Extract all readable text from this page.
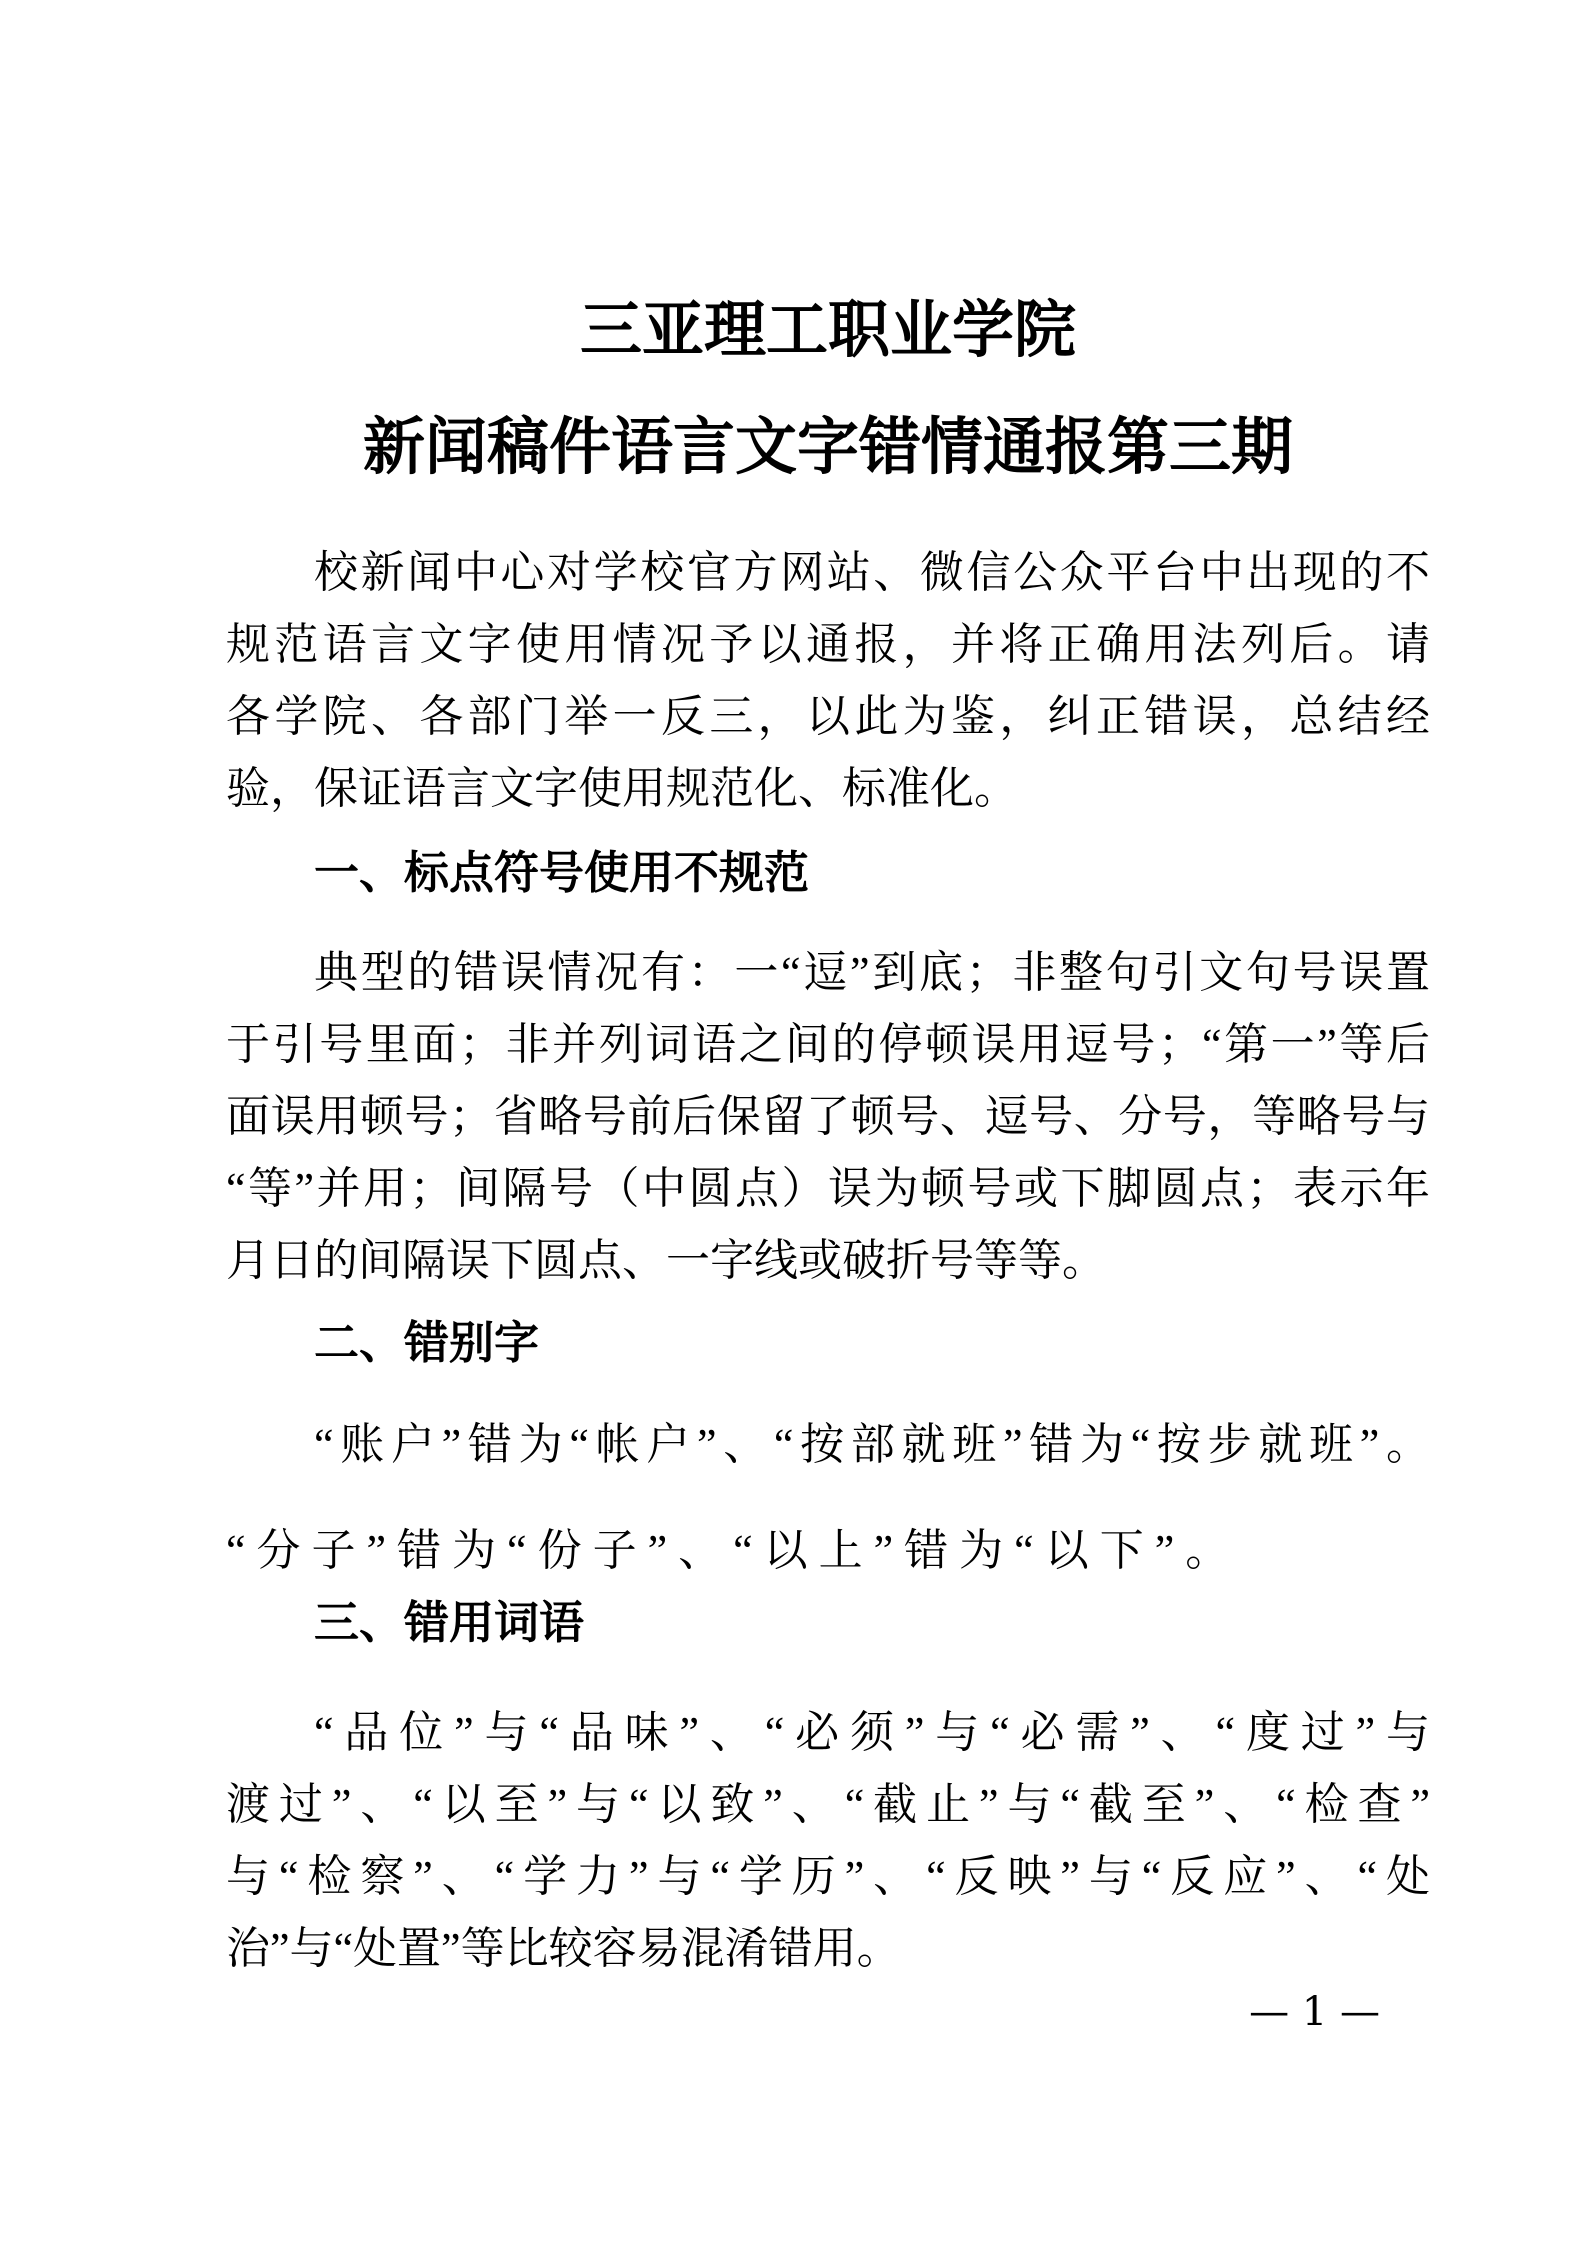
三亚理工职业学院
新闻稿件语言文字错情通报第三期
校新闻中心对学校官方网站、微信公众平台中出现的不
规范语言文字使用情况予以通报，并将正确用法列后。请
各学院、各部门举一反三，以此为鉴，纠正错误，总结经
验，保证语言文字使用规范化、标准化。
一、标点符号使用不规范
典型的错误情况有：一“逗”到底；非整句引文句号误置
于引号里面；非并列词语之间的停顿误用逗号；“第一”等后
面误用顿号；省略号前后保留了顿号、逗号、分号，等略号与
“等”并用；间隔号（中圆点）误为顿号或下脚圆点；表示年
月日的间隔误下圆点、一字线或破折号等等。
二、错别字
“账户”错为“帐户”、“按部就班”错为“按步就班”。
“分子”错为“份子”、“以上”错为“以下”。
三、错用词语
“品位”与“品味”、“必须”与“必需”、“度过”与
渡过”、“以至”与“以致”、“截止”与“截至”、“检查”
与“检察”、“学力”与“学历”、“反映”与“反应”、“处
治”与“处置”等比较容易混淆错用。
— 1 —
